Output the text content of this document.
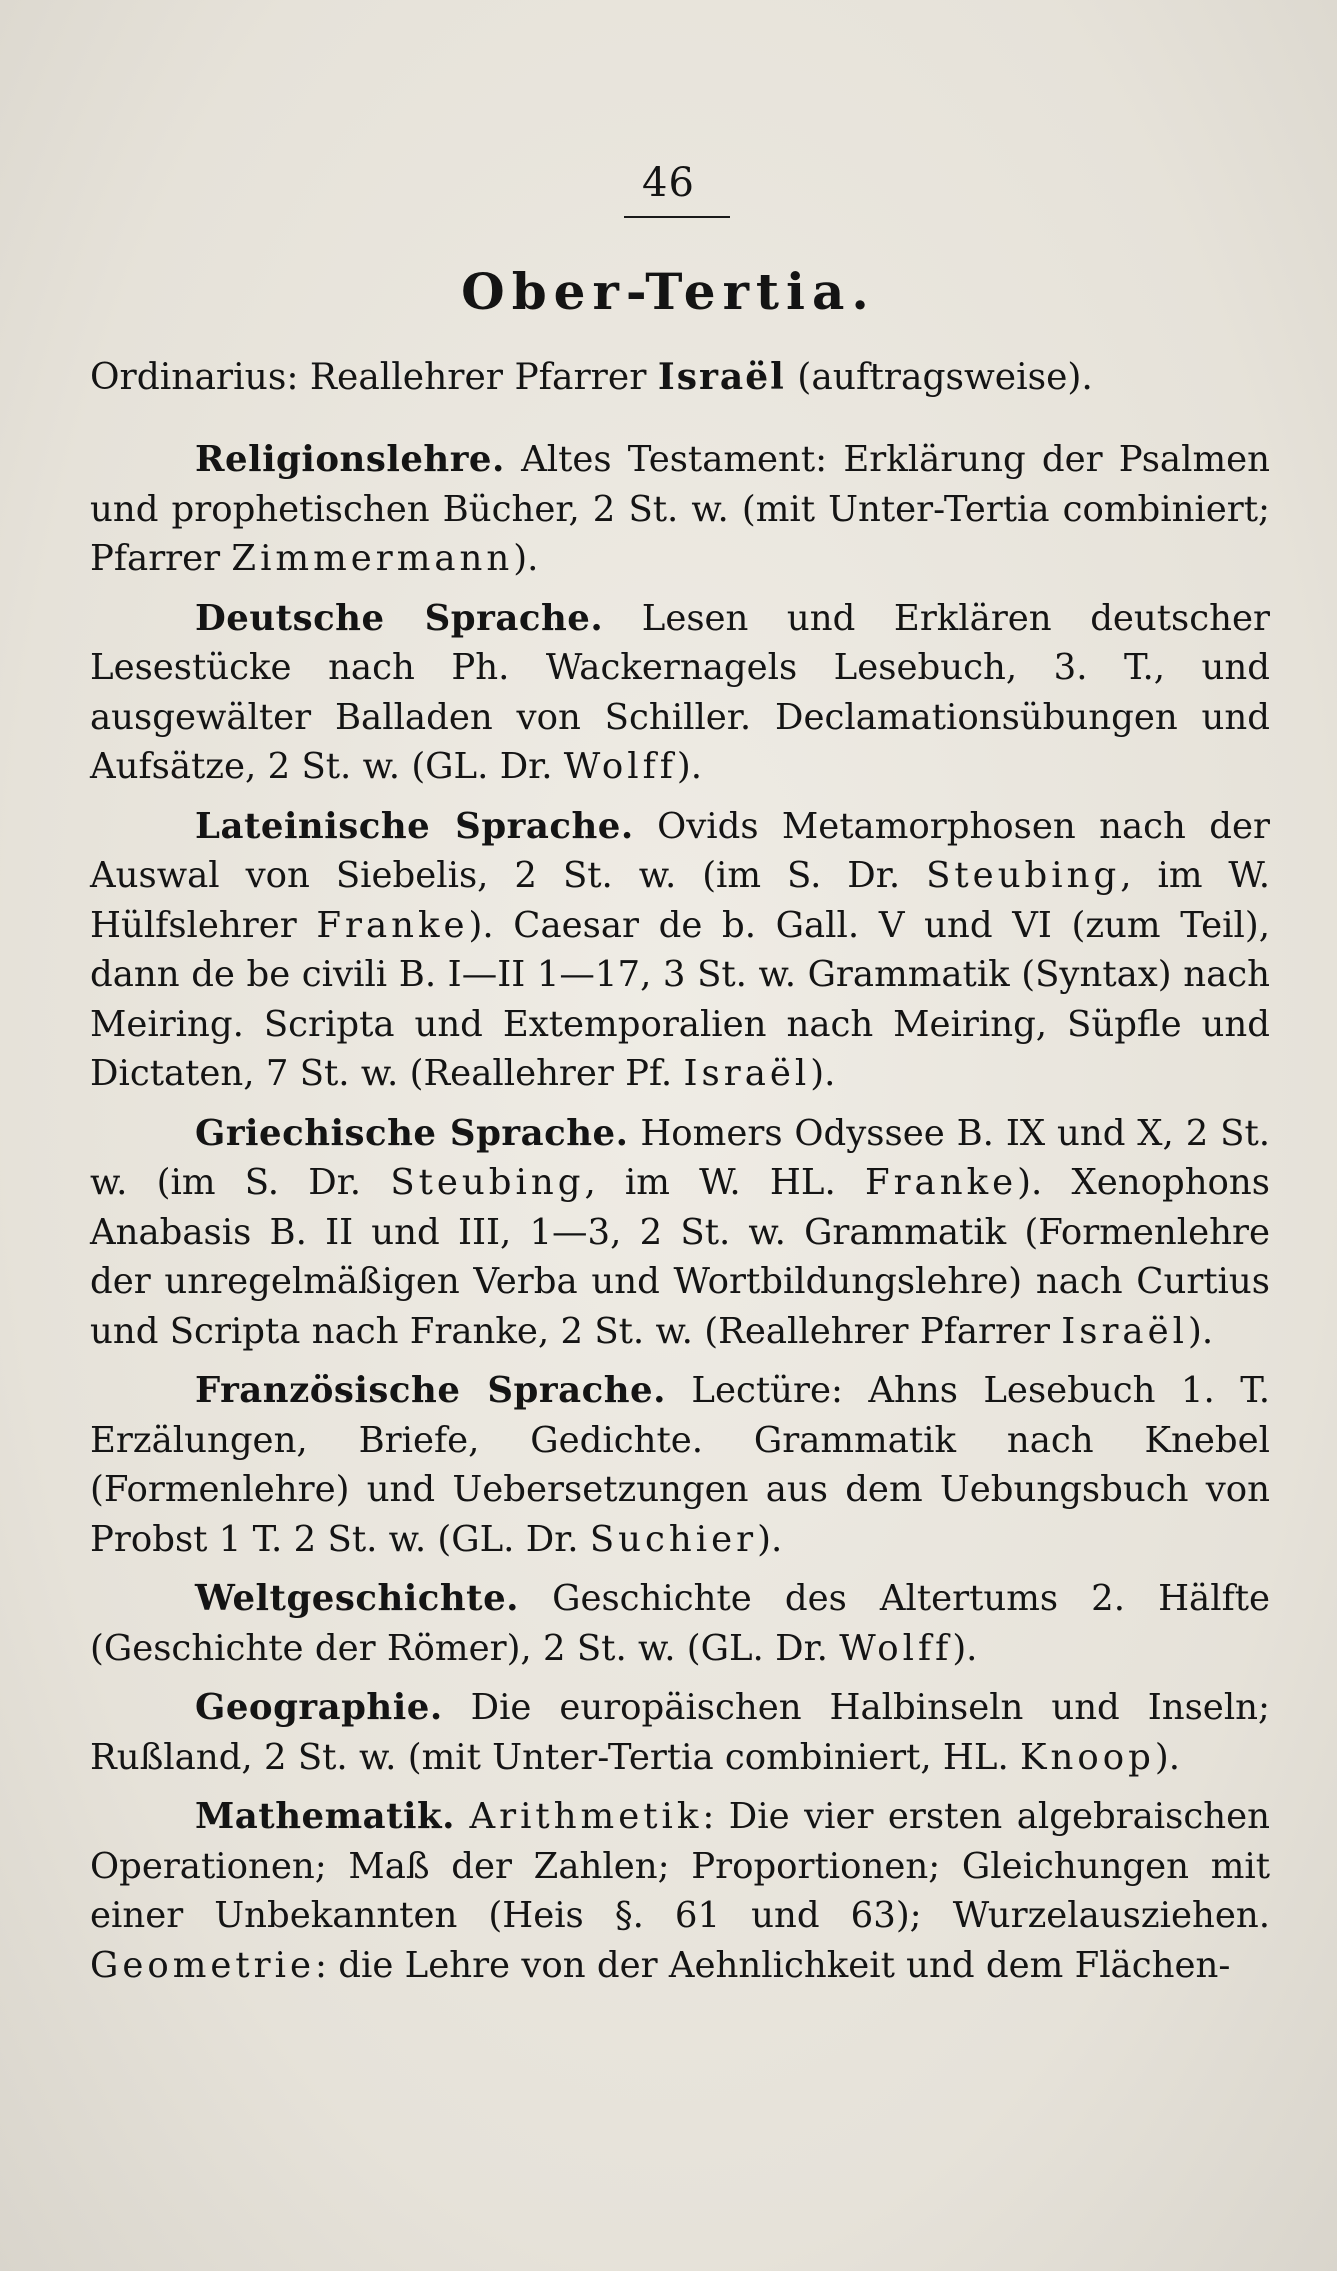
46
Ober-Tertia.
Ordinarius: Reallehrer Pfarrer Israël (auftragsweise).

Religionslehre. Altes Testament: Erklärung der Psalmen und prophetischen Bücher, 2 St. w. (mit Unter-Tertia combiniert; Pfarrer Zimmermann).

Deutsche Sprache. Lesen und Erklären deutscher Lesestücke nach Ph. Wackernagels Lesebuch, 3. T., und ausgewälter Balladen von Schiller. Declamationsübungen und Aufsätze, 2 St. w. (GL. Dr. Wolff).

Lateinische Sprache. Ovids Metamorphosen nach der Auswal von Siebelis, 2 St. w. (im S. Dr. Steubing, im W. Hülfslehrer Franke). Caesar de b. Gall. V und VI (zum Teil), dann de be civili B. I—II 1—17, 3 St. w. Grammatik (Syntax) nach Meiring. Scripta und Extemporalien nach Meiring, Süpfle und Dictaten, 7 St. w. (Reallehrer Pf. Israël).

Griechische Sprache. Homers Odyssee B. IX und X, 2 St. w. (im S. Dr. Steubing, im W. HL. Franke). Xenophons Anabasis B. II und III, 1—3, 2 St. w. Grammatik (Formenlehre der unregelmäßigen Verba und Wortbildungslehre) nach Curtius und Scripta nach Franke, 2 St. w. (Reallehrer Pfarrer Israël).

Französische Sprache. Lectüre: Ahns Lesebuch 1. T. Erzälungen, Briefe, Gedichte. Grammatik nach Knebel (Formenlehre) und Uebersetzungen aus dem Uebungsbuch von Probst 1 T. 2 St. w. (GL. Dr. Suchier).

Weltgeschichte. Geschichte des Altertums 2. Hälfte (Geschichte der Römer), 2 St. w. (GL. Dr. Wolff).

Geographie. Die europäischen Halbinseln und Inseln; Rußland, 2 St. w. (mit Unter-Tertia combiniert, HL. Knoop).

Mathematik. Arithmetik: Die vier ersten algebraischen Operationen; Maß der Zahlen; Proportionen; Gleichungen mit einer Unbekannten (Heis §. 61 und 63); Wurzelausziehen. Geometrie: die Lehre von der Aehnlichkeit und dem Flächen-
